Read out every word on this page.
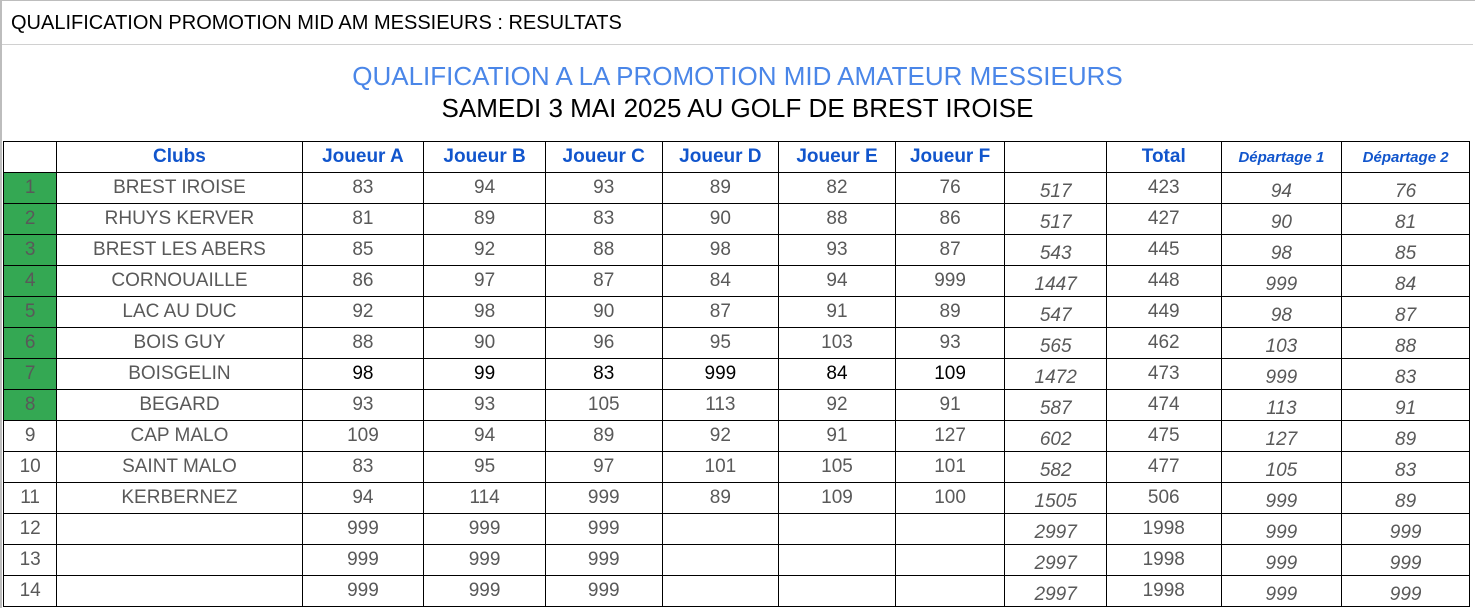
QUALIFICATION PROMOTION MID AM MESSIEURS : RESULTATS
QUALIFICATION A LA PROMOTION MID AMATEUR MESSIEURS
SAMEDI 3 MAI 2025 AU GOLF DE BREST IROISE
	Clubs	Joueur A	Joueur B	Joueur C	Joueur D	Joueur E	Joueur F		Total	Départage 1	Départage 2
1	BREST IROISE	83	94	93	89	82	76	517	423	94	76
2	RHUYS KERVER	81	89	83	90	88	86	517	427	90	81
3	BREST LES ABERS	85	92	88	98	93	87	543	445	98	85
4	CORNOUAILLE	86	97	87	84	94	999	1447	448	999	84
5	LAC AU DUC	92	98	90	87	91	89	547	449	98	87
6	BOIS GUY	88	90	96	95	103	93	565	462	103	88
7	BOISGELIN	98	99	83	999	84	109	1472	473	999	83
8	BEGARD	93	93	105	113	92	91	587	474	113	91
9	CAP MALO	109	94	89	92	91	127	602	475	127	89
10	SAINT MALO	83	95	97	101	105	101	582	477	105	83
11	KERBERNEZ	94	114	999	89	109	100	1505	506	999	89
12		999	999	999				2997	1998	999	999
13		999	999	999				2997	1998	999	999
14		999	999	999				2997	1998	999	999
